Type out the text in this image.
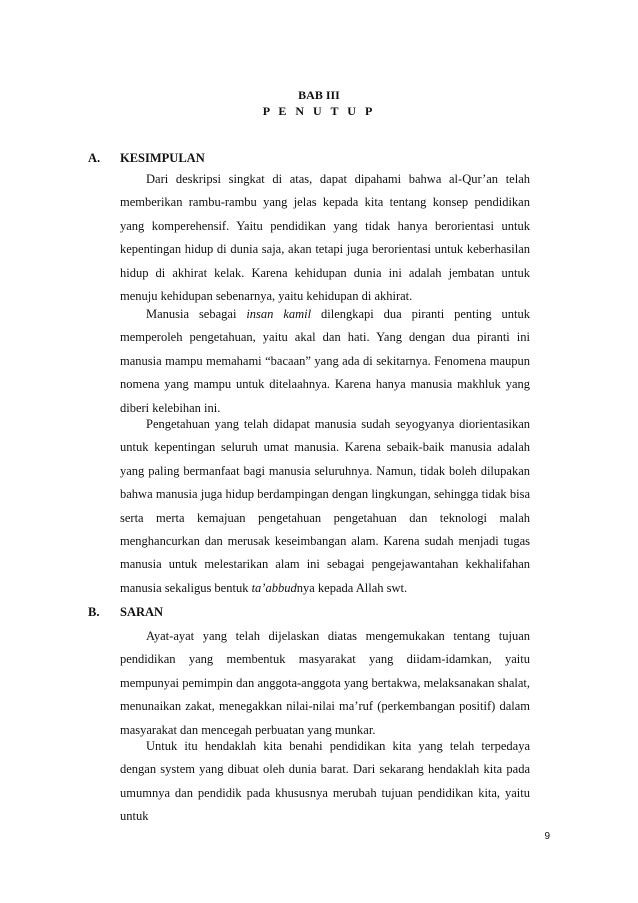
BAB III
P E N U T U P
A. KESIMPULAN

Dari deskripsi singkat di atas, dapat dipahami bahwa al-Qur’an telah memberikan rambu-rambu yang jelas kepada kita tentang konsep pendidikan yang komperehensif. Yaitu pendidikan yang tidak hanya berorientasi untuk kepentingan hidup di dunia saja, akan tetapi juga berorientasi untuk keberhasilan hidup di akhirat kelak. Karena kehidupan dunia ini adalah jembatan untuk menuju kehidupan sebenarnya, yaitu kehidupan di akhirat.

Manusia sebagai insan kamil dilengkapi dua piranti penting untuk memperoleh pengetahuan, yaitu akal dan hati. Yang dengan dua piranti ini manusia mampu memahami “bacaan” yang ada di sekitarnya. Fenomena maupun nomena yang mampu untuk ditelaahnya. Karena hanya manusia makhluk yang diberi kelebihan ini.

Pengetahuan yang telah didapat manusia sudah seyogyanya diorientasikan untuk kepentingan seluruh umat manusia. Karena sebaik-baik manusia adalah yang paling bermanfaat bagi manusia seluruhnya. Namun, tidak boleh dilupakan bahwa manusia juga hidup berdampingan dengan lingkungan, sehingga tidak bisa serta merta kemajuan pengetahuan pengetahuan dan teknologi malah menghancurkan dan merusak keseimbangan alam. Karena sudah menjadi tugas manusia untuk melestarikan alam ini sebagai pengejawantahan kekhalifahan manusia sekaligus bentuk ta’abbudnya kepada Allah swt.

B. SARAN

Ayat-ayat yang telah dijelaskan diatas mengemukakan tentang tujuan pendidikan yang membentuk masyarakat yang diidam-idamkan, yaitu mempunyai pemimpin dan anggota-anggota yang bertakwa, melaksanakan shalat, menunaikan zakat, menegakkan nilai-nilai ma’ruf (perkembangan positif) dalam masyarakat dan mencegah perbuatan yang munkar.

Untuk itu hendaklah kita benahi pendidikan kita yang telah terpedaya dengan system yang dibuat oleh dunia barat. Dari sekarang hendaklah kita pada umumnya dan pendidik pada khususnya merubah tujuan pendidikan kita, yaitu untuk

9
